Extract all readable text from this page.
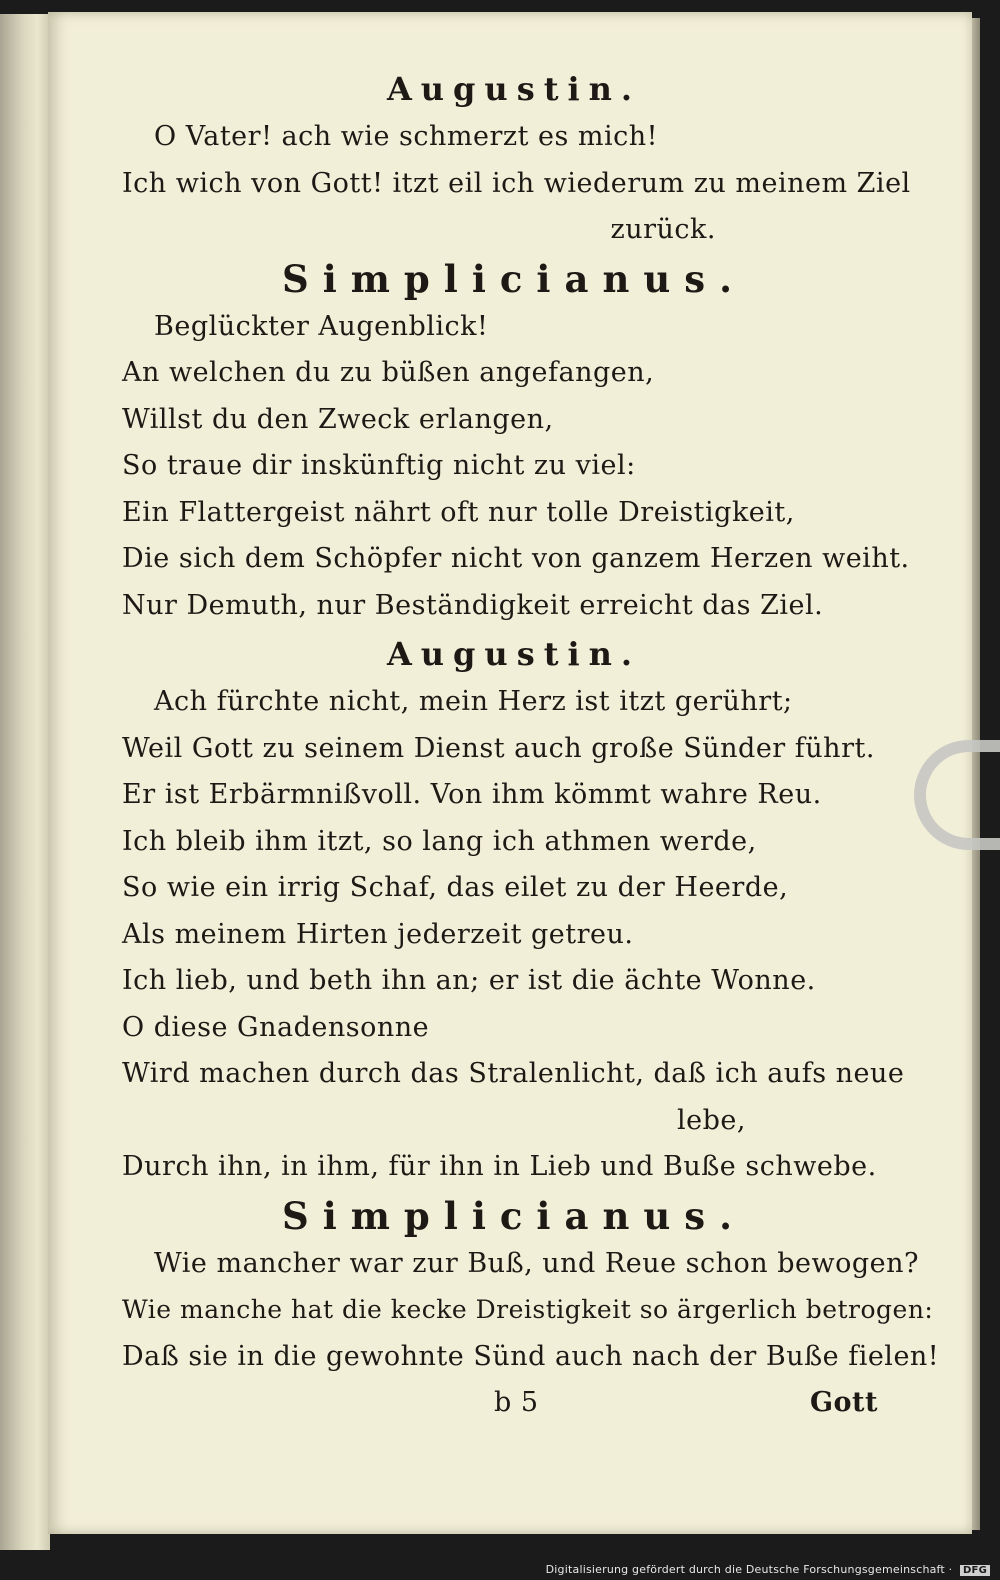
Augustin.
O Vater! ach wie schmerzt es mich!
Ich wich von Gott! itzt eil ich wiederum zu meinem Ziel
zurück.
Simplicianus.
Beglückter Augenblick!
An welchen du zu büßen angefangen,
Willst du den Zweck erlangen,
So traue dir inskünftig nicht zu viel:
Ein Flattergeist nährt oft nur tolle Dreistigkeit,
Die sich dem Schöpfer nicht von ganzem Herzen weiht.
Nur Demuth, nur Beständigkeit erreicht das Ziel.
Augustin.
Ach fürchte nicht, mein Herz ist itzt gerührt;
Weil Gott zu seinem Dienst auch große Sünder führt.
Er ist Erbärmnißvoll. Von ihm kömmt wahre Reu.
Ich bleib ihm itzt, so lang ich athmen werde,
So wie ein irrig Schaf, das eilet zu der Heerde,
Als meinem Hirten jederzeit getreu.
Ich lieb, und beth ihn an; er ist die ächte Wonne.
O diese Gnadensonne
Wird machen durch das Stralenlicht, daß ich aufs neue
lebe,
Durch ihn, in ihm, für ihn in Lieb und Buße schwebe.
Simplicianus.
Wie mancher war zur Buß, und Reue schon bewogen?
Wie manche hat die kecke Dreistigkeit so ärgerlich betrogen:
Daß sie in die gewohnte Sünd auch nach der Buße fielen!
b 5	Gott
Digitalisierung gefördert durch die Deutsche Forschungsgemeinschaft · DFG
